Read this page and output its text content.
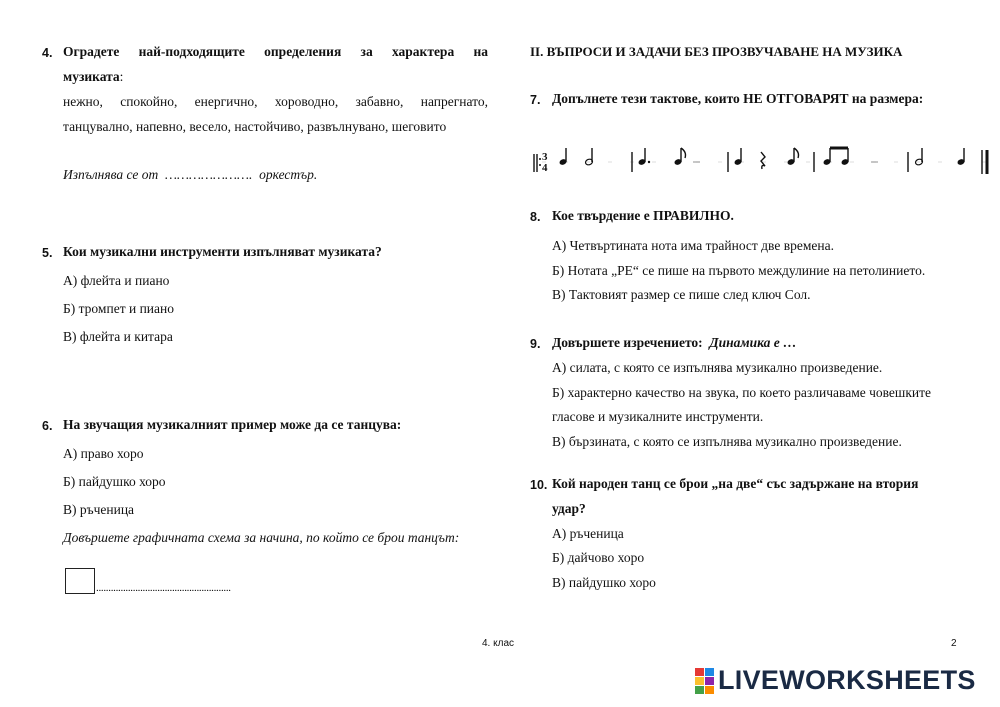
4. Оградете най-подходящите определения за характера на
музиката:
нежно, спокойно, енергично, хороводно, забавно, напрегнато,
танцувално, напевно, весело, настойчиво, развълнувано, шеговито
Изпълнява се от …………………. оркестър.
5. Кои музикални инструменти изпълняват музиката?
А) флейта и пиано
Б) тромпет и пиано
В) флейта и китара
6. На звучащия музикалният пример може да се танцува:
А) право хоро
Б) пайдушко хоро
В) ръченица
Довършете графичната схема за начина, по който се брои танцът:
.......................................................
II. ВЪПРОСИ И ЗАДАЧИ БЕЗ ПРОЗВУЧАВАНЕ НА МУЗИКА
7. Допълнете тези тактове, които НЕ ОТГОВАРЯТ на размера:
3
4
8. Кое твърдение е ПРАВИЛНО.
А) Четвъртината нота има трайност две времена.
Б) Нотата „РЕ“ се пише на първото междулиние на петолинието.
В) Тактовият размер се пише след ключ Сол.
9. Довършете изречението: Динамика е …
А) силата, с която се изпълнява музикално произведение.
Б) характерно качество на звука, по което различаваме човешките
гласове и музикалните инструменти.
В) бързината, с която се изпълнява музикално произведение.
10. Кой народен танц се брои „на две“ със задържане на втория
удар?
А) ръченица
Б) дайчово хоро
В) пайдушко хоро
4. клас	2
LIVEWORKSHEETS
